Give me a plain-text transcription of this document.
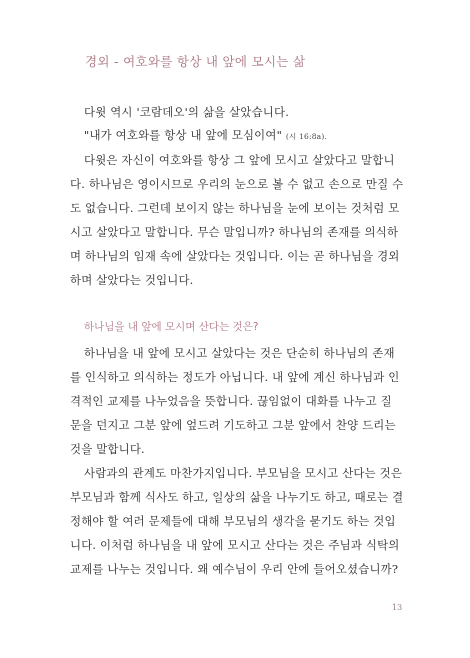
경외 - 여호와를 항상 내 앞에 모시는 삶
다윗 역시 '코람데오'의 삶을 살았습니다.
"내가 여호와를 항상 내 앞에 모심이여" (시 16:8a).
다윗은 자신이 여호와를 항상 그 앞에 모시고 살았다고 말합니
다. 하나님은 영이시므로 우리의 눈으로 볼 수 없고 손으로 만질 수
도 없습니다. 그런데 보이지 않는 하나님을 눈에 보이는 것처럼 모
시고 살았다고 말합니다. 무슨 말입니까? 하나님의 존재를 의식하
며 하나님의 임재 속에 살았다는 것입니다. 이는 곧 하나님을 경외
하며 살았다는 것입니다.
하나님을 내 앞에 모시며 산다는 것은?
하나님을 내 앞에 모시고 살았다는 것은 단순히 하나님의 존재
를 인식하고 의식하는 정도가 아닙니다. 내 앞에 계신 하나님과 인
격적인 교제를 나누었음을 뜻합니다. 끊임없이 대화를 나누고 질
문을 던지고 그분 앞에 엎드려 기도하고 그분 앞에서 찬양 드리는
것을 말합니다.
사람과의 관계도 마찬가지입니다. 부모님을 모시고 산다는 것은
부모님과 함께 식사도 하고, 일상의 삶을 나누기도 하고, 때로는 결
정해야 할 여러 문제들에 대해 부모님의 생각을 묻기도 하는 것입
니다. 이처럼 하나님을 내 앞에 모시고 산다는 것은 주님과 식탁의
교제를 나누는 것입니다. 왜 예수님이 우리 안에 들어오셨습니까?
13
